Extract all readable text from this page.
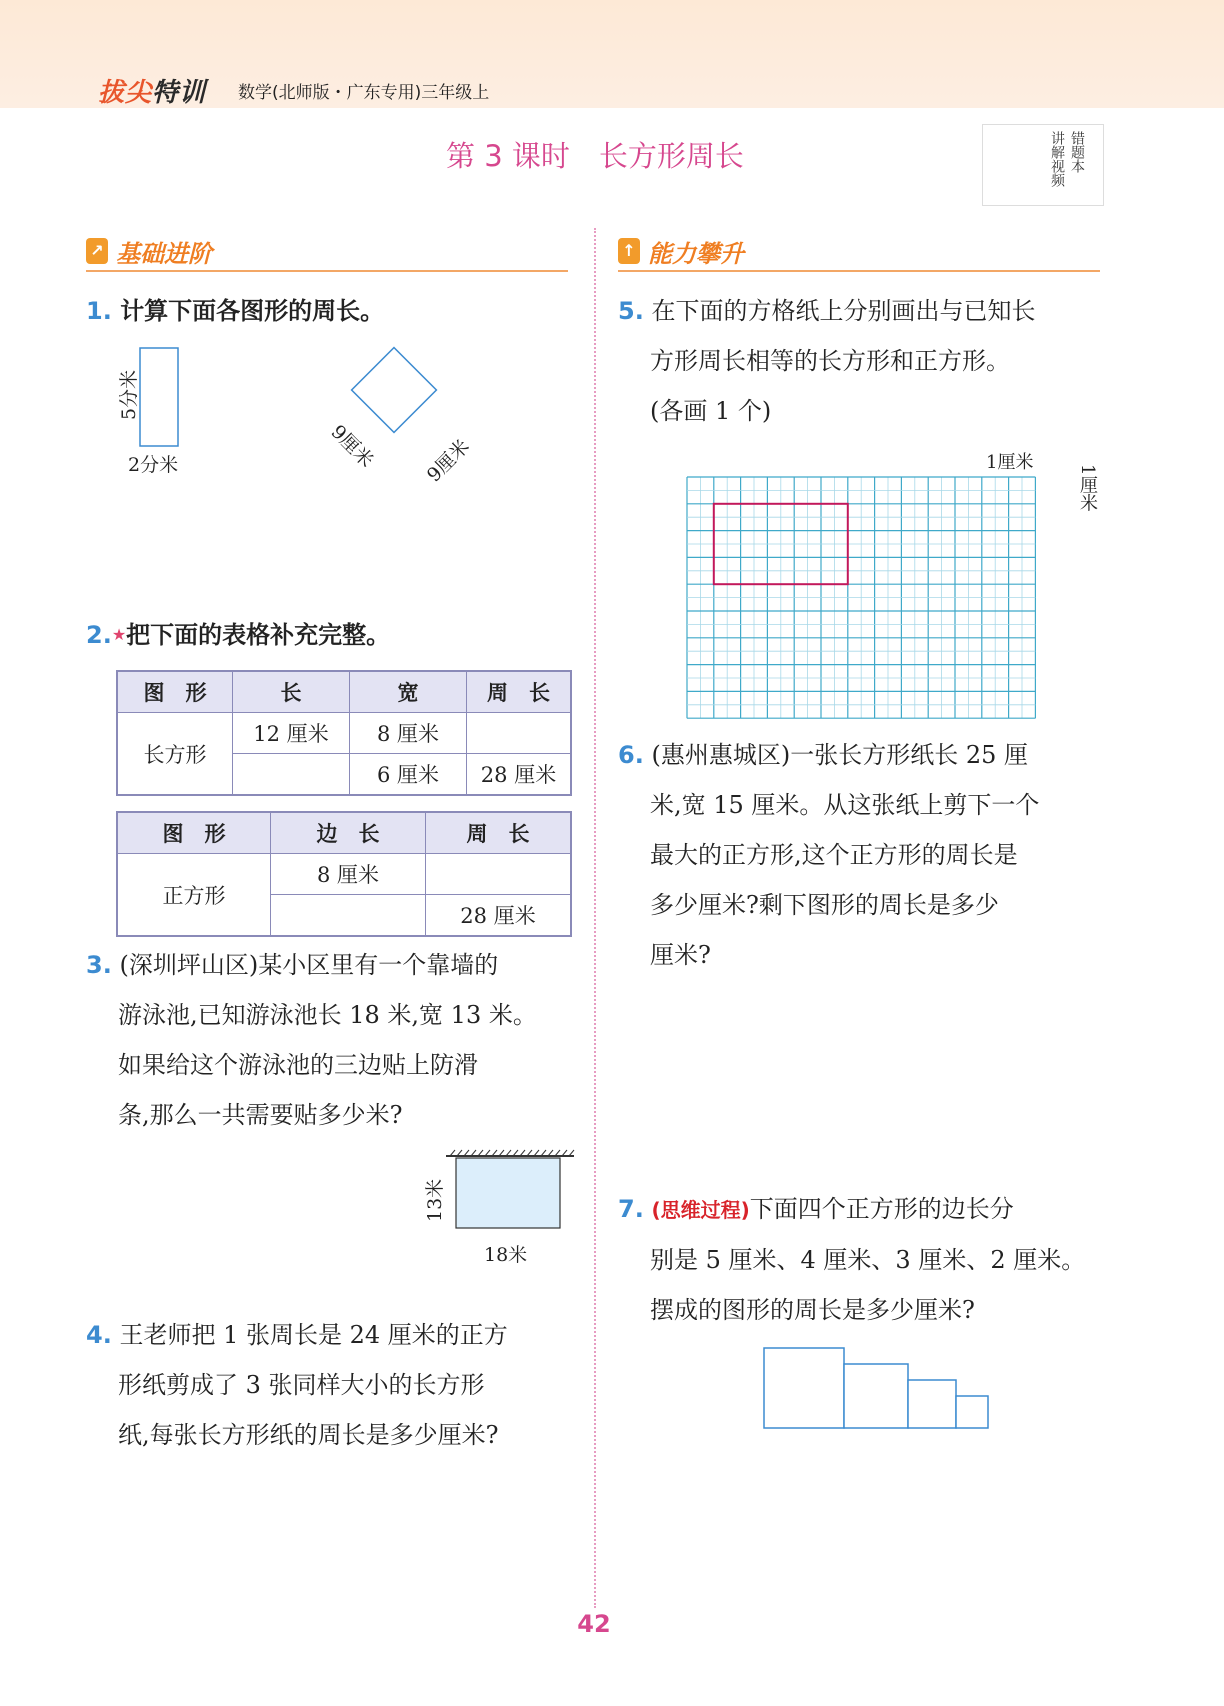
拔尖特训 数学(北师版・广东专用)三年级上
第 3 课时　长方形周长	错题本
讲解视频
↗ 基础进阶	↑ 能力攀升
1. 计算下面各图形的周长。
5分米
2分米	9厘米 9厘米
2.★把下面的表格补充完整。
图　形	长	宽	周　长
长方形	12 厘米	8 厘米	
		6 厘米	28 厘米
图　形	边　长	周　长
正方形	8 厘米	
		28 厘米
3. (深圳坪山区)某小区里有一个靠墙的
游泳池,已知游泳池长 18 米,宽 13 米。
如果给这个游泳池的三边贴上防滑
条,那么一共需要贴多少米?
13米
18米
4. 王老师把 1 张周长是 24 厘米的正方
形纸剪成了 3 张同样大小的长方形
纸,每张长方形纸的周长是多少厘米?
5. 在下面的方格纸上分别画出与已知长
方形周长相等的长方形和正方形。
(各画 1 个)
1厘米
1厘米
6. (惠州惠城区)一张长方形纸长 25 厘
米,宽 15 厘米。从这张纸上剪下一个
最大的正方形,这个正方形的周长是
多少厘米?剩下图形的周长是多少
厘米?
7. (思维过程)下面四个正方形的边长分
别是 5 厘米、4 厘米、3 厘米、2 厘米。
摆成的图形的周长是多少厘米?
42
